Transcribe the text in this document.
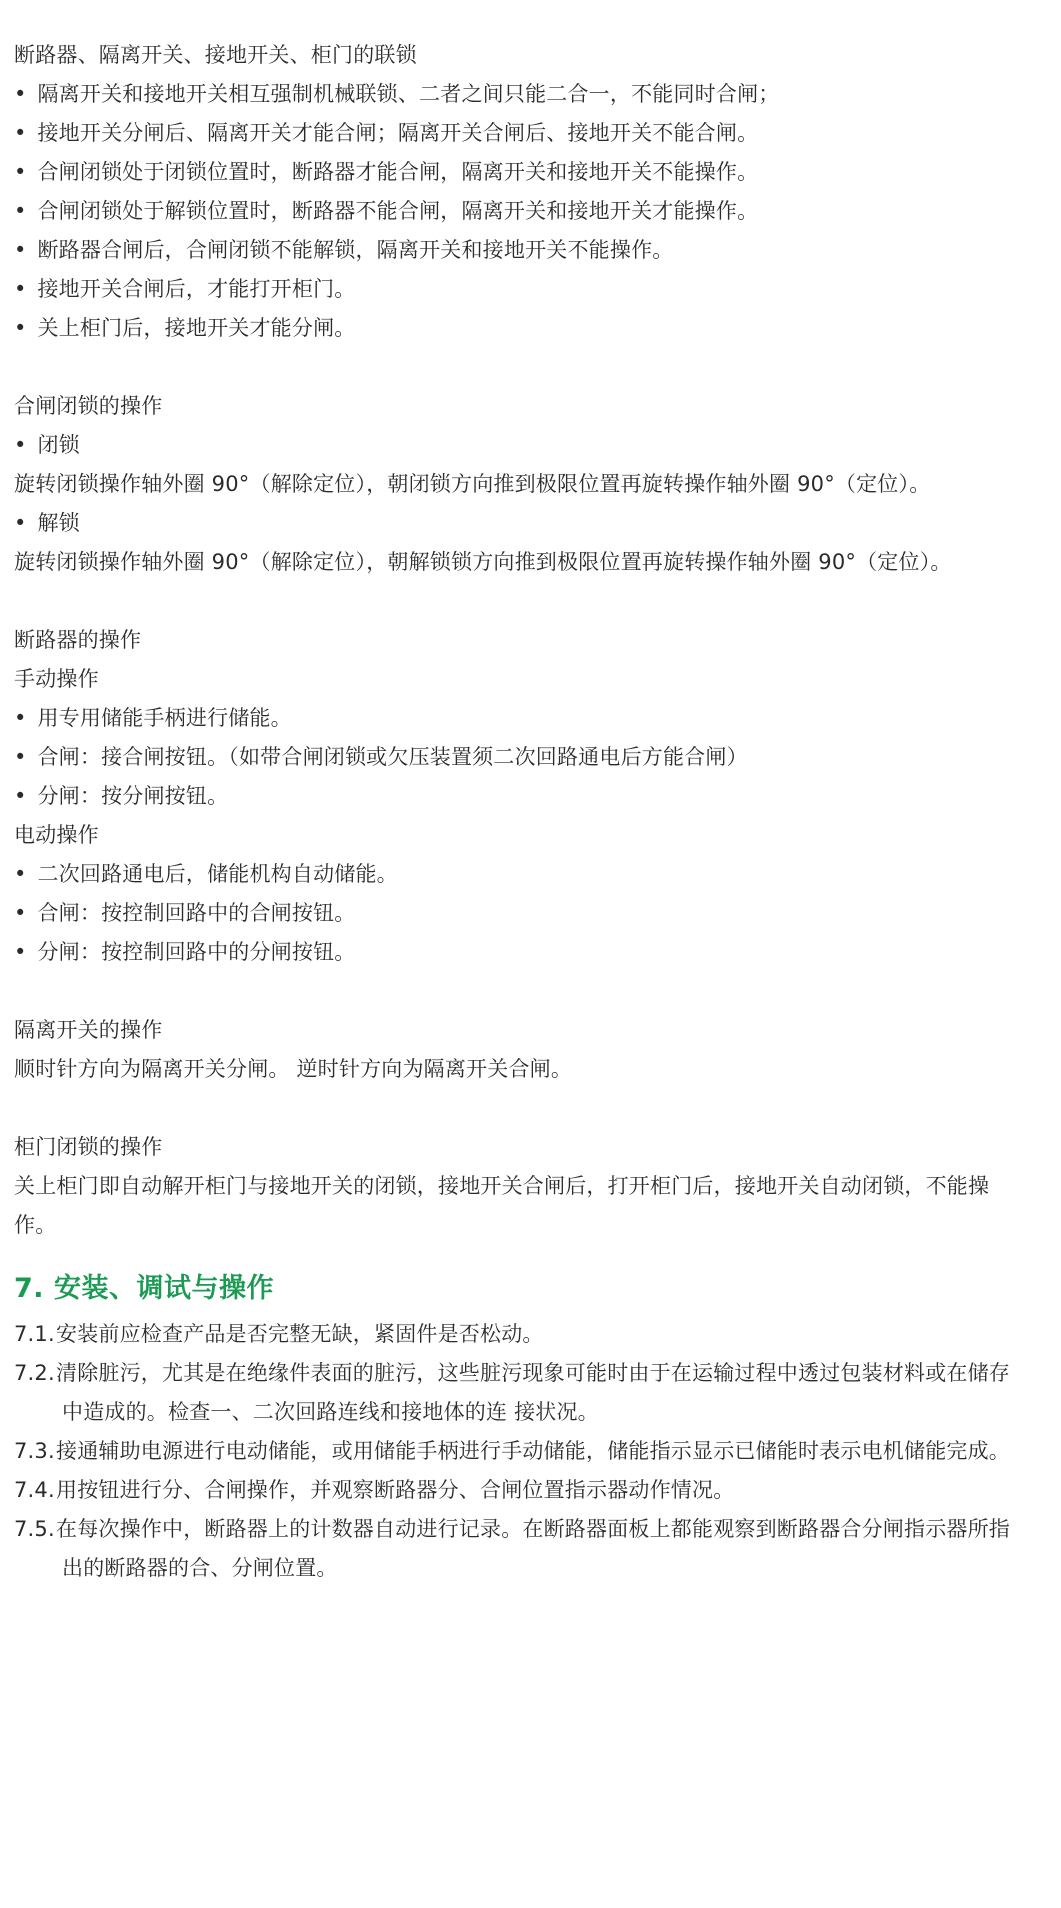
断路器、隔离开关、接地开关、柜门的联锁
• 隔离开关和接地开关相互强制机械联锁、二者之间只能二合一，不能同时合闸；
• 接地开关分闸后、隔离开关才能合闸；隔离开关合闸后、接地开关不能合闸。
• 合闸闭锁处于闭锁位置时，断路器才能合闸，隔离开关和接地开关不能操作。
• 合闸闭锁处于解锁位置时，断路器不能合闸，隔离开关和接地开关才能操作。
• 断路器合闸后，合闸闭锁不能解锁，隔离开关和接地开关不能操作。
• 接地开关合闸后，才能打开柜门。
• 关上柜门后，接地开关才能分闸。
合闸闭锁的操作
• 闭锁
旋转闭锁操作轴外圈 90°（解除定位），朝闭锁方向推到极限位置再旋转操作轴外圈 90°（定位）。
• 解锁
旋转闭锁操作轴外圈 90°（解除定位），朝解锁锁方向推到极限位置再旋转操作轴外圈 90°（定位）。
断路器的操作
手动操作
• 用专用储能手柄进行储能。
• 合闸：接合闸按钮。（如带合闸闭锁或欠压装置须二次回路通电后方能合闸）
• 分闸：按分闸按钮。
电动操作
• 二次回路通电后，储能机构自动储能。
• 合闸：按控制回路中的合闸按钮。
• 分闸：按控制回路中的分闸按钮。
隔离开关的操作
顺时针方向为隔离开关分闸。 逆时针方向为隔离开关合闸。
柜门闭锁的操作
关上柜门即自动解开柜门与接地开关的闭锁，接地开关合闸后，打开柜门后，接地开关自动闭锁，不能操作。
7. 安装、调试与操作
7.1. 安装前应检查产品是否完整无缺，紧固件是否松动。
7.2. 清除脏污，尤其是在绝缘件表面的脏污，这些脏污现象可能时由于在运输过程中透过包装材料或在储存中造成的。检查一、二次回路连线和接地体的连 接状况。
7.3. 接通辅助电源进行电动储能，或用储能手柄进行手动储能，储能指示显示已储能时表示电机储能完成。
7.4. 用按钮进行分、合闸操作，并观察断路器分、合闸位置指示器动作情况。
7.5. 在每次操作中，断路器上的计数器自动进行记录。在断路器面板上都能观察到断路器合分闸指示器所指出的断路器的合、分闸位置。
